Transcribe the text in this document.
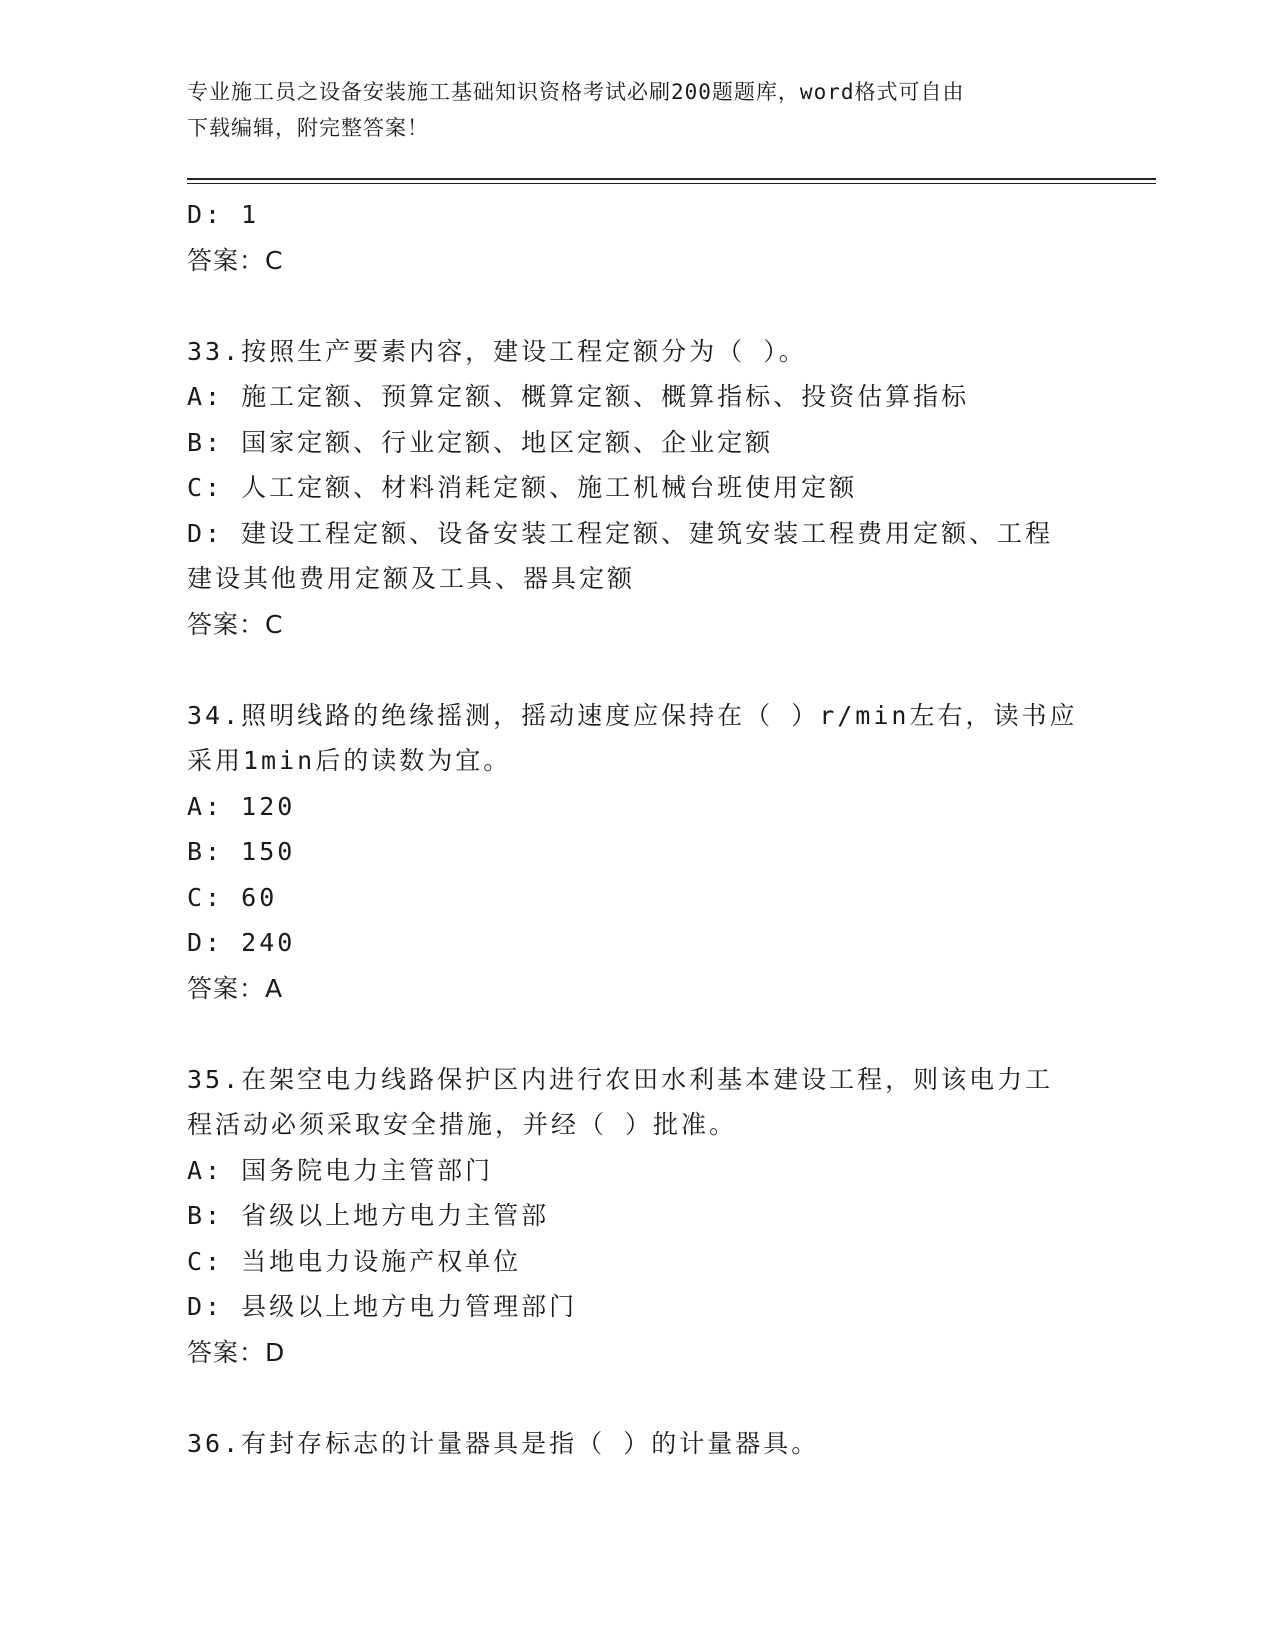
专业施工员之设备安装施工基础知识资格考试必刷200题题库，word格式可自由
下载编辑，附完整答案！
D: 1
答案：C
33.按照生产要素内容，建设工程定额分为（ ）。
A: 施工定额、预算定额、概算定额、概算指标、投资估算指标
B: 国家定额、行业定额、地区定额、企业定额
C: 人工定额、材料消耗定额、施工机械台班使用定额
D: 建设工程定额、设备安装工程定额、建筑安装工程费用定额、工程
建设其他费用定额及工具、器具定额
答案：C
34.照明线路的绝缘摇测，摇动速度应保持在（ ）r/min左右，读书应
采用1min后的读数为宜。
A: 120
B: 150
C: 60
D: 240
答案：A
35.在架空电力线路保护区内进行农田水利基本建设工程，则该电力工
程活动必须采取安全措施，并经（ ）批准。
A: 国务院电力主管部门
B: 省级以上地方电力主管部
C: 当地电力设施产权单位
D: 县级以上地方电力管理部门
答案：D
36.有封存标志的计量器具是指（ ）的计量器具。
